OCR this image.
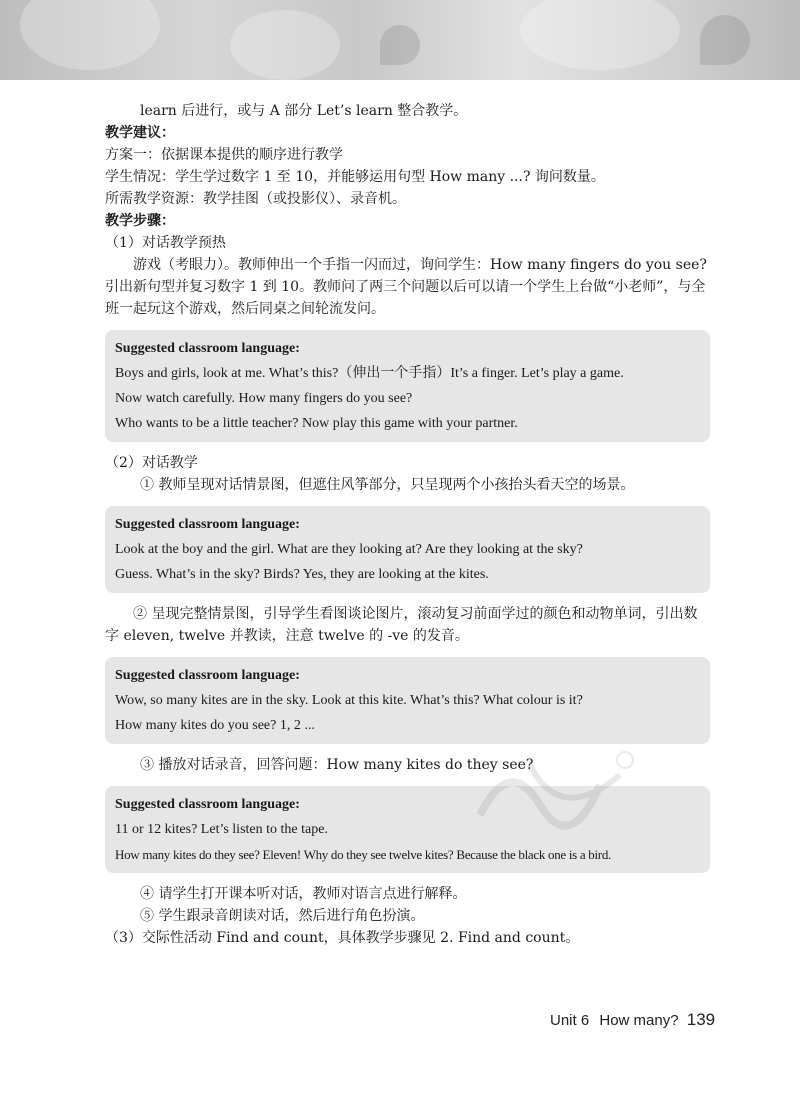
learn 后进行，或与 A 部分 Let’s learn 整合教学。

教学建议：

方案一：依据课本提供的顺序进行教学

学生情况：学生学过数字 1 至 10，并能够运用句型 How many ...? 询问数量。

所需教学资源：教学挂图（或投影仪）、录音机。

教学步骤：

（1）对话教学预热

游戏（考眼力）。教师伸出一个手指一闪而过，询问学生：How many fingers do you see? 引出新句型并复习数字 1 到 10。教师问了两三个问题以后可以请一个学生上台做“小老师”，与全班一起玩这个游戏，然后同桌之间轮流发问。

Suggested classroom language:
Boys and girls, look at me. What’s this?（伸出一个手指）It’s a finger. Let’s play a game.
Now watch carefully. How many fingers do you see?
Who wants to be a little teacher? Now play this game with your partner.

（2）对话教学

① 教师呈现对话情景图，但遮住风筝部分，只呈现两个小孩抬头看天空的场景。

Suggested classroom language:
Look at the boy and the girl. What are they looking at? Are they looking at the sky?
Guess. What’s in the sky? Birds? Yes, they are looking at the kites.

② 呈现完整情景图，引导学生看图谈论图片，滚动复习前面学过的颜色和动物单词，引出数字 eleven, twelve 并教读，注意 twelve 的 -ve 的发音。

Suggested classroom language:
Wow, so many kites are in the sky. Look at this kite. What’s this? What colour is it?
How many kites do you see? 1, 2 ...

③ 播放对话录音，回答问题：How many kites do they see?

Suggested classroom language:
11 or 12 kites? Let’s listen to the tape.
How many kites do they see? Eleven! Why do they see twelve kites? Because the black one is a bird.

④ 请学生打开课本听对话，教师对语言点进行解释。

⑤ 学生跟录音朗读对话，然后进行角色扮演。

（3）交际性活动 Find and count，具体教学步骤见 2. Find and count。

Unit 6 How many? 139
